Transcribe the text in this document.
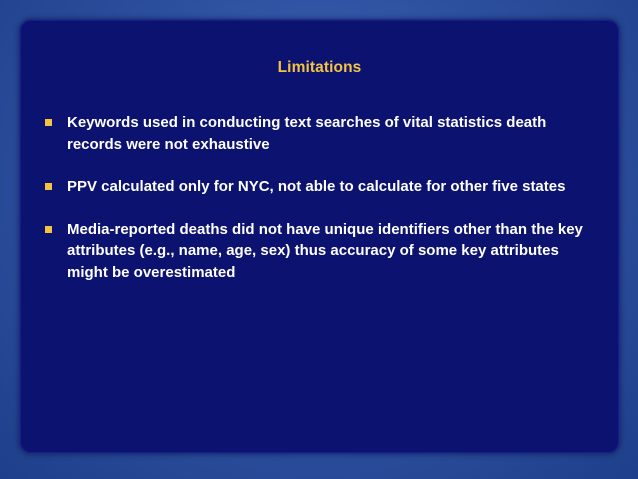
Limitations
Keywords used in conducting text searches of vital statistics death records were not exhaustive
PPV calculated only for NYC, not able to calculate for other five states
Media-reported deaths did not have unique identifiers other than the key attributes (e.g., name, age, sex) thus accuracy of some key attributes might be overestimated
